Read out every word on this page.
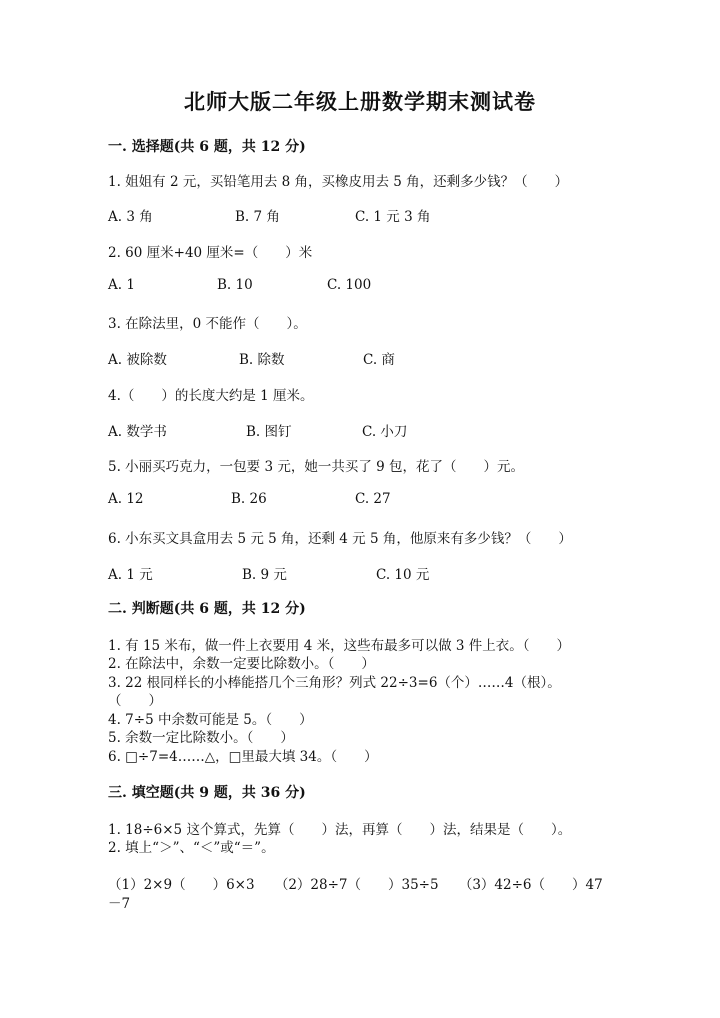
北师大版二年级上册数学期末测试卷
一. 选择题(共 6 题，共 12 分)
1. 姐姐有 2 元，买铅笔用去 8 角，买橡皮用去 5 角，还剩多少钱？（　　）
A. 3 角	B. 7 角	C. 1 元 3 角
2. 60 厘米+40 厘米=（　　）米
A. 1	B. 10	C. 100
3. 在除法里，0 不能作（　　）。
A. 被除数	B. 除数	C. 商
4.（　　）的长度大约是 1 厘米。
A. 数学书	B. 图钉	C. 小刀
5. 小丽买巧克力，一包要 3 元，她一共买了 9 包，花了（　　）元。
A. 12	B. 26	C. 27
6. 小东买文具盒用去 5 元 5 角，还剩 4 元 5 角，他原来有多少钱？（　　）
A. 1 元	B. 9 元	C. 10 元
二. 判断题(共 6 题，共 12 分)
1. 有 15 米布，做一件上衣要用 4 米，这些布最多可以做 3 件上衣。（　　）
2. 在除法中，余数一定要比除数小。（　　）
3. 22 根同样长的小棒能搭几个三角形？列式 22÷3=6（个）……4（根）。
（　　）
4. 7÷5 中余数可能是 5。（　　）
5. 余数一定比除数小。（　　）
6. □÷7=4……△，□里最大填 34。（　　）
三. 填空题(共 9 题，共 36 分)
1. 18÷6×5 这个算式，先算（　　）法，再算（　　）法，结果是（　　）。
2. 填上“＞”、“＜”或“＝”。
（1）2×9（　　）6×3　　（2）28÷7（　　）35÷5　　（3）42÷6（　　）47
－7
